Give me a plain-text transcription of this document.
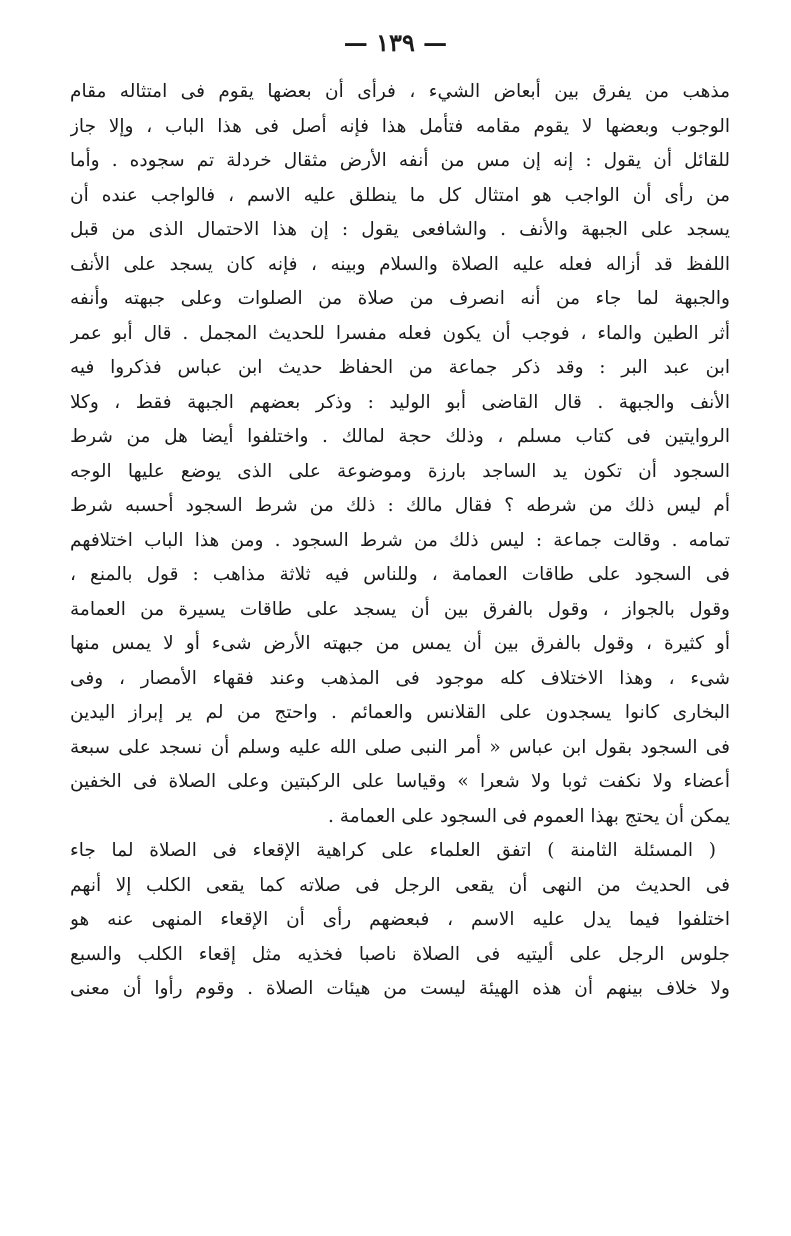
— ١٣٩ —
مذهب من يفرق بين أبعاض الشيء ، فرأى أن بعضها يقوم فى امتثاله مقام
الوجوب وبعضها لا يقوم مقامه فتأمل هذا فإنه أصل فى هذا الباب ، وإلا جاز
للقائل أن يقول : إنه إن مس من أنفه الأرض مثقال خردلة تم سجوده . وأما
من رأى أن الواجب هو امتثال كل ما ينطلق عليه الاسم ، فالواجب عنده أن
يسجد على الجبهة والأنف . والشافعى يقول : إن هذا الاحتمال الذى من قبل
اللفظ قد أزاله فعله عليه الصلاة والسلام وبينه ، فإنه كان يسجد على الأنف
والجبهة لما جاء من أنه انصرف من صلاة من الصلوات وعلى جبهته وأنفه
أثر الطين والماء ، فوجب أن يكون فعله مفسرا للحديث المجمل . قال أبو عمر
ابن عبد البر : وقد ذكر جماعة من الحفاظ حديث ابن عباس فذكروا فيه
الأنف والجبهة . قال القاضى أبو الوليد : وذكر بعضهم الجبهة فقط ، وكلا
الروايتين فى كتاب مسلم ، وذلك حجة لمالك . واختلفوا أيضا هل من شرط
السجود أن تكون يد الساجد بارزة وموضوعة على الذى يوضع عليها الوجه
أم ليس ذلك من شرطه ؟ فقال مالك : ذلك من شرط السجود أحسبه شرط
تمامه . وقالت جماعة : ليس ذلك من شرط السجود . ومن هذا الباب اختلافهم
فى السجود على طاقات العمامة ، وللناس فيه ثلاثة مذاهب : قول بالمنع ،
وقول بالجواز ، وقول بالفرق بين أن يسجد على طاقات يسيرة من العمامة
أو كثيرة ، وقول بالفرق بين أن يمس من جبهته الأرض شىء أو لا يمس منها
شىء ، وهذا الاختلاف كله موجود فى المذهب وعند فقهاء الأمصار ، وفى
البخارى كانوا يسجدون على القلانس والعمائم . واحتج من لم ير إبراز اليدين
فى السجود بقول ابن عباس « أمر النبى صلى الله عليه وسلم أن نسجد على سبعة
أعضاء ولا نكفت ثوبا ولا شعرا » وقياسا على الركبتين وعلى الصلاة فى الخفين
يمكن أن يحتج بهذا العموم فى السجود على العمامة .
( المسئلة الثامنة ) اتفق العلماء على كراهية الإقعاء فى الصلاة لما جاء
فى الحديث من النهى أن يقعى الرجل فى صلاته كما يقعى الكلب إلا أنهم
اختلفوا فيما يدل عليه الاسم ، فبعضهم رأى أن الإقعاء المنهى عنه هو
جلوس الرجل على أليتيه فى الصلاة ناصبا فخذيه مثل إقعاء الكلب والسبع
ولا خلاف بينهم أن هذه الهيئة ليست من هيئات الصلاة . وقوم رأوا أن معنى
